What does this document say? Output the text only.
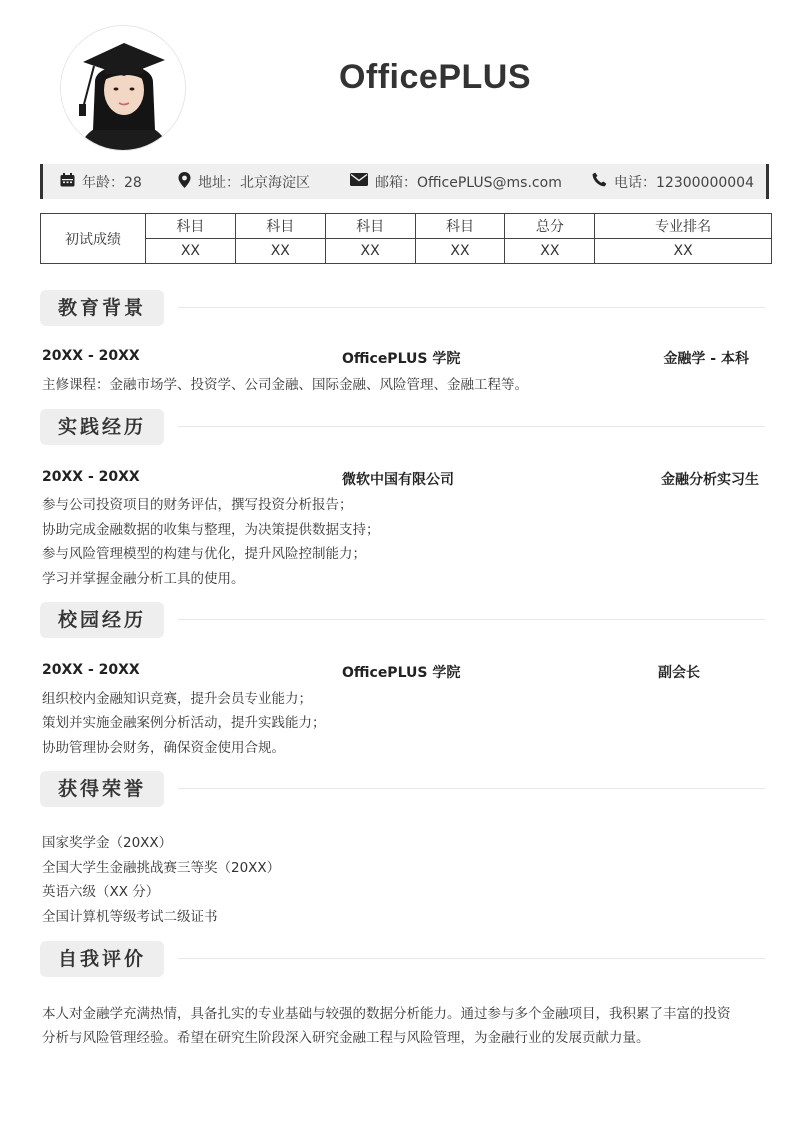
OfficePLUS
年龄：28	地址：北京海淀区	邮箱：OfficePLUS@ms.com	电话：12300000004
初试成绩	科目	科目	科目	科目	总分	专业排名
	XX	XX	XX	XX	XX	XX
教育背景
20XX - 20XX	OfficePLUS 学院	金融学 - 本科
主修课程：金融市场学、投资学、公司金融、国际金融、风险管理、金融工程等。
实践经历
20XX - 20XX	微软中国有限公司	金融分析实习生
参与公司投资项目的财务评估，撰写投资分析报告；
协助完成金融数据的收集与整理，为决策提供数据支持；
参与风险管理模型的构建与优化，提升风险控制能力；
学习并掌握金融分析工具的使用。
校园经历
20XX - 20XX	OfficePLUS 学院	副会长
组织校内金融知识竞赛，提升会员专业能力；
策划并实施金融案例分析活动，提升实践能力；
协助管理协会财务，确保资金使用合规。
获得荣誉
国家奖学金（20XX）
全国大学生金融挑战赛三等奖（20XX）
英语六级（XX 分）
全国计算机等级考试二级证书
自我评价
本人对金融学充满热情，具备扎实的专业基础与较强的数据分析能力。通过参与多个金融项目，我积累了丰富的投资
分析与风险管理经验。希望在研究生阶段深入研究金融工程与风险管理，为金融行业的发展贡献力量。
